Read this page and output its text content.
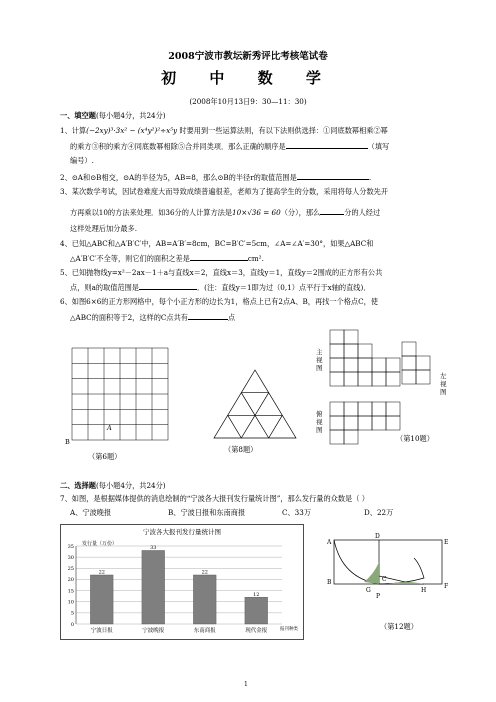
2008宁波市教坛新秀评比考核笔试卷
初 中 数 学
(2008年10月13日9：30—11：30)
一、填空题(每小题4分，共24分)
1、计算(−2xy)³·3x² − (x⁴y²)²÷x⁵y 时要用到一些运算法则，有以下法则供选择：①同底数幂相乘②幂
的乘方③积的乘方④同底数幂相除⑤合并同类项．那么正确的顺序是	（填写
编号）.
2、⊙A和⊙B相交，⊙A的半径为5，AB=8，那么⊙B的半径r的取值范围是	.
3、某次数学考试，因试卷难度大而导致成绩普遍很差，老师为了提高学生的分数，采用将每人分数先开
方再乘以10的方法来处理．如36分的人计算方法是10×√36 = 60（分），那么	分的人经过
这样处理后加分最多.
4、已知△ABC和△A′B′C′中，AB=A′B′=8cm，BC=B′C′=5cm，∠A=∠A′=30°，如果△ABC和
△A′B′C′不全等，则它们的面积之差是	cm².
5、已知抛物线y=x²－2ax－1＋a与直线x＝2，直线x＝3，直线y＝1，直线y＝2围成的正方形有公共
点，则a的取值范围是	．(注：直线y＝1即为过（0,1）点平行于x轴的直线)．
6、如图6×6的正方形网格中，每个小正方形的边长为1，格点上已有2点A、B，再找一个格点C，使
△ABC的面积等于2，这样的C点共有	点
A
B
（第6题）
（第8题）
主视图
左视图
俯视图
（第10题）
二、选择题(每小题4分，共24分)
7、如图，是根据媒体提供的消息绘制的“宁波各大报刊发行量统计图”，那么发行量的众数是（ ）
A、宁波晚报	B、宁波日报和东南商报	C、33万	D、22万
宁波各大报刊发行量统计图
发行量（万份）
0
5
10
15
20
25
30
35
22
33
22
12
宁波日报	宁波晚报	东南商报	现代金报	报刊种类
A
D
E
B	C
F
G	H
P
（第12题）
1
